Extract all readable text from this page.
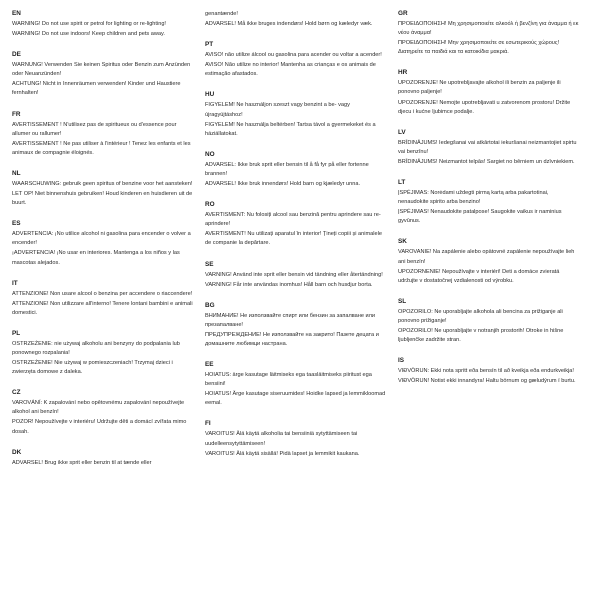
EN
WARNING! Do not use spirit or petrol for lighting or re-lighting!
WARNING! Do not use indoors! Keep children and pets away.
DE
WARNUNG! Verwenden Sie keinen Spiritus oder Benzin zum Anzünden oder Neuanzünden!
ACHTUNG! Nicht in Innenräumen verwenden! Kinder und Haustiere fernhalten!
FR
AVERTISSEMENT ! N'utilisez pas de spiritueux ou d'essence pour allumer ou rallumer!
AVERTISSEMENT ! Ne pas utiliser à l'intérieur ! Tenez les enfants et les animaux de compagnie éloignés.
NL
WAARSCHUWING: gebruik geen spiritus of benzine voor het aansteken!
LET OP! Niet binnenshuis gebruiken! Houd kinderen en huisdieren uit de buurt.
ES
ADVERTENCIA: ¡No utilice alcohol ni gasolina para encender o volver a encender!
¡ADVERTENCIA! ¡No usar en interiores. Mantenga a los niños y las mascotas alejados.
IT
ATTENZIONE! Non usare alcool o benzina per accendere o riaccendere!
ATTENZIONE! Non utilizzare all'interno! Tenere lontani bambini e animali domestici.
PL
OSTRZEŻENIE: nie używaj alkoholu ani benzyny do podpalania lub ponownego rozpalania!
OSTRZEŻENIE! Nie używaj w pomieszczeniach! Trzymaj dzieci i zwierzęta domowe z daleka.
CZ
VAROVÁNÍ: K zapalování nebo opětovnému zapalování nepoužívejte alkohol ani benzín!
POZOR! Nepoužívejte v interiéru! Udržujte děti a domácí zvířata mimo dosah.
DK
ADVARSEL! Brug ikke sprit eller benzin til at tænde eller
genantænde!
ADVARSEL! Må ikke bruges indendørs! Hold børn og kæledyr væk.
PT
AVISO! não utilize álcool ou gasolina para acender ou voltar a acender!
AVISO! Não utilize no interior! Mantenha as crianças e os animais de estimação afastados.
HU
FIGYELEM! Ne használjon szeszt vagy benzint a be- vagy újragyújtáshoz!
FIGYELEM! Ne használja beltérben! Tartsa távol a gyermekeket és a háziállatokat.
NO
ADVARSEL: Ikke bruk sprit eller bensin til å få fyr på eller fortenne brannen!
ADVARSEL! Ikke bruk innendørs! Hold barn og kjæledyr unna.
RO
AVERTISMENT: Nu folosiți alcool sau benzină pentru aprindere sau re-aprindere!
AVERTISMENT! Nu utilizați aparatul în interior! Țineți copiii și animalele de companie la depărtare.
SE
VARNING! Använd inte sprit eller bensin vid tändning eller återtändning!
VARNING! Får inte användas inomhus! Håll barn och husdjur borta.
BG
ВНИМАНИЕ! Не използвайте спирт или бензин за запалване или презапалване!
ПРЕДУПРЕЖДЕНИЕ! Не използвайте на закрито! Пазете децата и домашните любимци настрана.
EE
HOIATUS: ärge kasutage läitmiseks ega taasläitmiseks piiritust ega bensiini!
HOIATUS! Ärge kasutage siseruumides! Hoidke lapsed ja lemmikloomad eemal.
FI
VAROITUS! Älä käytä alkoholia tai bensiiniä sytyttämiseen tai uudelleensytyttämiseen!
VAROITUS! Älä käytä sisällä! Pidä lapset ja lemmikit kaukana.
GR
ΠΡΟΕΙΔΟΠΟΙΗΣΗ! Μη χρησιμοποιείτε αλκοόλ ή βενζίνη για άναμμα ή εκ νέου άναμμα!
ΠΡΟΕΙΔΟΠΟΙΗΣΗ! Μην χρησιμοποιείτε σε εσωτερικούς χώρους! Διατηρείτε τα παιδιά και τα κατοικίδια μακριά.
HR
UPOZORENJE! Ne upotrebljavajte alkohol ili benzin za paljenje ili ponovno paljenje!
UPOZORENJE! Nemojte upotrebljavati u zatvorenom prostoru! Držite djecu i kućne ljubimce podalje.
LV
BRĪDINĀJUMS! Iedegšanai vai atkārtotai iekuršanai neizmantojiet spirtu vai benzīnu!
BRĪDINĀJUMS! Neizmantot telpās! Sargiet no bērniem un dzīvniekiem.
LT
ĮSPĖJIMAS: Norėdami uždegti pirmą kartą arba pakartotinai, nenaudokite spirito arba benzino!
ĮSPĖJIMAS! Nenaudokite patalpose! Saugokite vaikus ir naminius gyvūnus.
SK
VAROVANIE! Na zapálenie alebo opätovné zapálenie nepoužívajte lieh ani benzín!
UPOZORNENIE! Nepoužívajte v interiéri! Deti a domáce zvieratá udržujte v dostatočnej vzdialenosti od výrobku.
SL
OPOZORILO: Ne uporabljajte alkohola ali bencina za prižiganje ali ponovno prižiganje!
OPOZORILO! Ne uporabljajte v notranjih prostorih! Otroke in hišne ljubljenčke zadržite stran.
IS
VIÐVÖRUN: Ekki nota spritt eða bensín til að kveikja eða endurkveikja!
VIÐVÖRUN! Notist ekki innandyra! Haltu börnum og gæludýrum í burtu.
